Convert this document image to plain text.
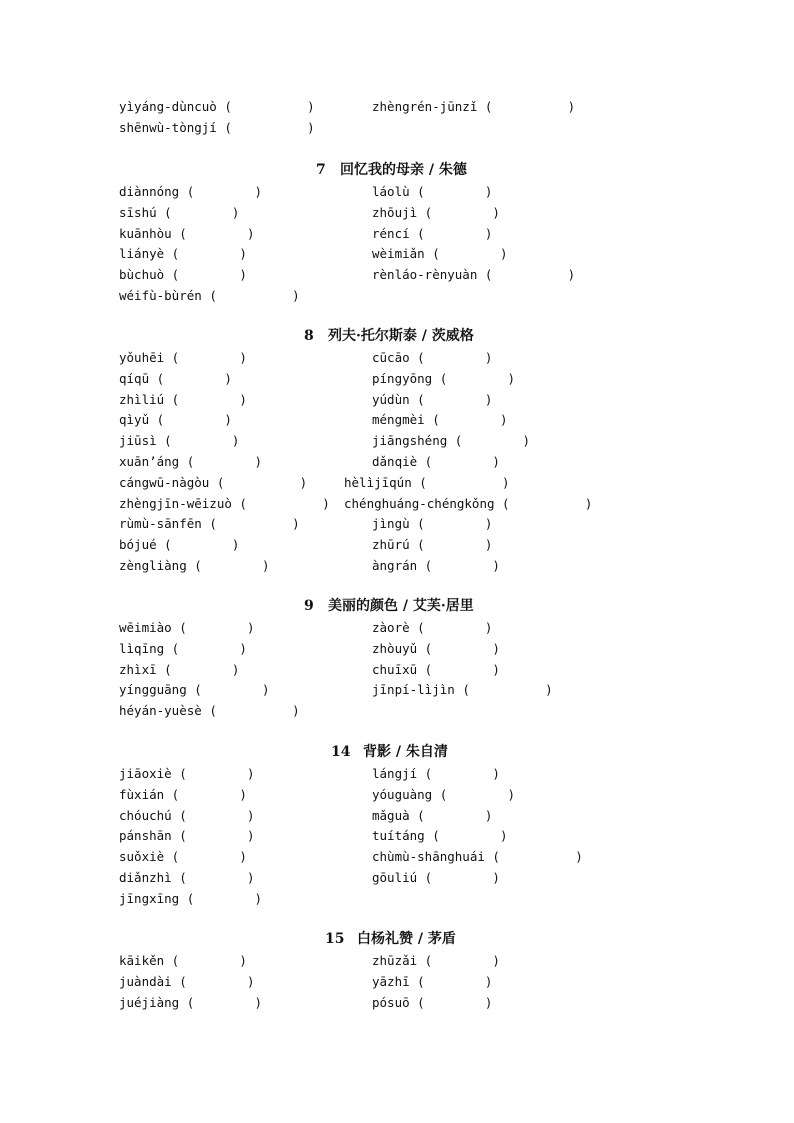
yìyáng-dùncuò (          )	zhèngrén-jūnzǐ (          )
shēnwù-tòngjí (          )
7 回忆我的母亲 / 朱德
diànnóng (        )	láolù (        )
sīshú (        )	zhōujì (        )
kuānhòu (        )	réncí (        )
liányè (        )	wèimiǎn (        )
bùchuò (        )	rènláo-rènyuàn (          )
wéifù-bùrén (          )
8 列夫·托尔斯泰 / 茨威格
yǒuhēi (        )	cūcāo (        )
qíqū (        )	píngyōng (        )
zhìliú (        )	yúdùn (        )
qìyǔ (        )	méngmèi (        )
jiūsì (        )	jiāngshéng (        )
xuān’áng (        )	dǎnqiè (        )
cángwū-nàgòu (          )	hèlìjīqún (          )
zhèngjīn-wēizuò (          ) chénghuáng-chéngkǒng (          )
rùmù-sānfēn (          )	jìngù (        )
bójué (        )	zhūrú (        )
zèngliàng (        )	àngrán (        )
9 美丽的颜色 / 艾芙·居里
wēimiào (        )	zàorè (        )
lìqīng (        )	zhòuyǔ (        )
zhìxī (        )	chuīxū (        )
yíngguāng (        )	jīnpí-lìjìn (          )
héyán-yuèsè (          )
14 背影 / 朱自清
jiāoxiè (        )	lángjí (        )
fùxián (        )	yóuguàng (        )
chóuchú (        )	mǎguà (        )
pánshān (        )	tuítáng (        )
suǒxiè (        )	chùmù-shānghuái (          )
diǎnzhì (        )	gōuliú (        )
jīngxīng (        )
15 白杨礼赞 / 茅盾
kāikěn (        )	zhūzǎi (        )
juàndài (        )	yāzhī (        )
juéjiàng (        )	pósuō (        )
